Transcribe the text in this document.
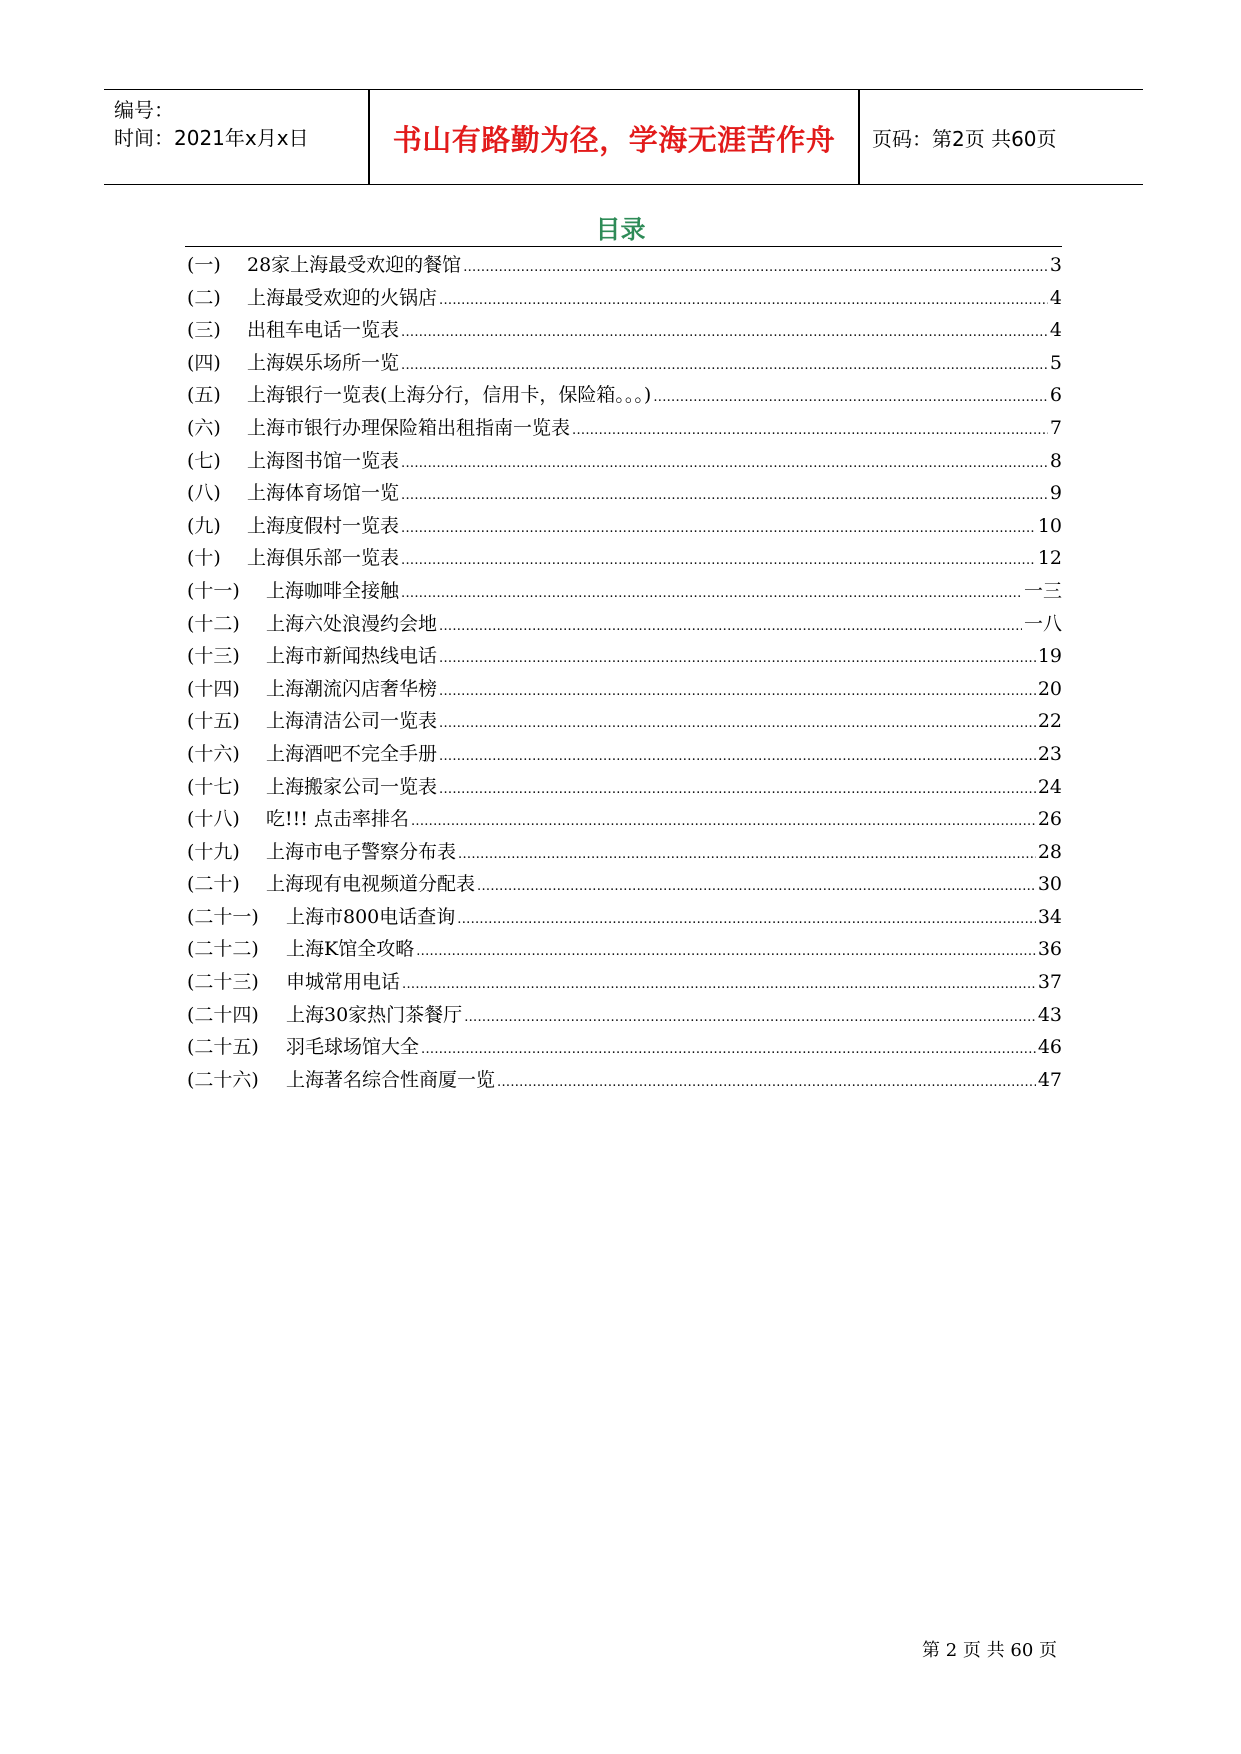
编号：
时间：2021年x月x日	书山有路勤为径，学海无涯苦作舟	页码：第2页 共60页
目录
(一)	28家上海最受欢迎的餐馆 .....	3
(二)	上海最受欢迎的火锅店 .....	4
(三)	出租车电话一览表 .....	4
(四)	上海娱乐场所一览 .....	5
(五)	上海银行一览表(上海分行，信用卡，保险箱。。。) .....	6
(六)	上海市银行办理保险箱出租指南一览表 .....	7
(七)	上海图书馆一览表 .....	8
(八)	上海体育场馆一览 .....	9
(九)	上海度假村一览表 .....	10
(十)	上海俱乐部一览表 .....	12
(十一)	上海咖啡全接触 .....	一三
(十二)	上海六处浪漫约会地 .....	一八
(十三)	上海市新闻热线电话 .....	19
(十四)	上海潮流闪店奢华榜 .....	20
(十五)	上海清洁公司一览表 .....	22
(十六)	上海酒吧不完全手册 .....	23
(十七)	上海搬家公司一览表 .....	24
(十八)	吃!!! 点击率排名 .....	26
(十九)	上海市电子警察分布表 .....	28
(二十)	上海现有电视频道分配表 .....	30
(二十一)	上海市800电话查询 .....	34
(二十二)	上海K馆全攻略 .....	36
(二十三)	申城常用电话 .....	37
(二十四)	上海30家热门茶餐厅 .....	43
(二十五)	羽毛球场馆大全 .....	46
(二十六)	上海著名综合性商厦一览 .....	47
第 2 页 共 60 页
